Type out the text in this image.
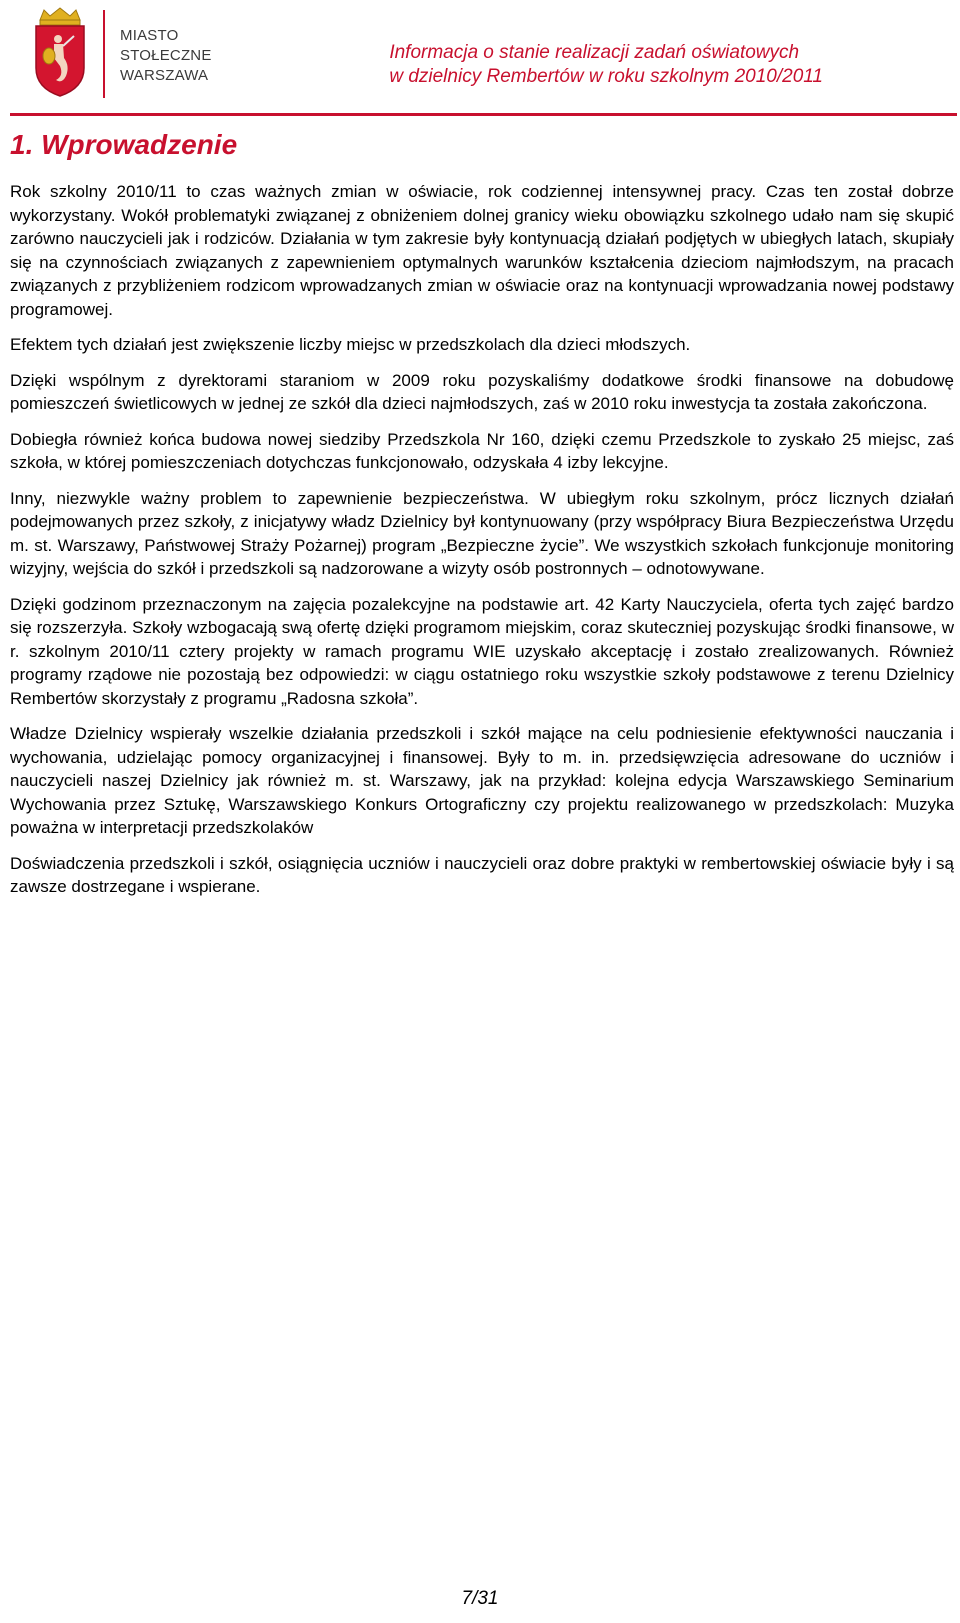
MIASTO
STOŁECZNE
WARSZAWA
Informacja o stanie realizacji zadań oświatowych
w dzielnicy Rembertów w roku szkolnym 2010/2011
1. Wprowadzenie

Rok szkolny 2010/11 to czas ważnych zmian w oświacie, rok codziennej intensywnej pracy. Czas ten został dobrze wykorzystany. Wokół problematyki związanej z obniżeniem dolnej granicy wieku obowiązku szkolnego udało nam się skupić zarówno nauczycieli jak i rodziców. Działania w tym zakresie były kontynuacją działań podjętych w ubiegłych latach, skupiały się na czynnościach związanych z zapewnieniem optymalnych warunków kształcenia dzieciom najmłodszym, na pracach związanych z przybliżeniem rodzicom wprowadzanych zmian w oświacie oraz na kontynuacji wprowadzania nowej podstawy programowej.

Efektem tych działań jest zwiększenie liczby miejsc w przedszkolach dla dzieci młodszych.

Dzięki wspólnym z dyrektorami staraniom w 2009 roku pozyskaliśmy dodatkowe środki finansowe na dobudowę pomieszczeń świetlicowych w jednej ze szkół dla dzieci najmłodszych, zaś w 2010 roku inwestycja ta została zakończona.

Dobiegła również końca budowa nowej siedziby Przedszkola Nr 160, dzięki czemu Przedszkole to zyskało 25 miejsc, zaś szkoła, w której pomieszczeniach dotychczas funkcjonowało, odzyskała 4 izby lekcyjne.

Inny, niezwykle ważny problem to zapewnienie bezpieczeństwa. W ubiegłym roku szkolnym, prócz licznych działań podejmowanych przez szkoły, z inicjatywy władz Dzielnicy był kontynuowany (przy współpracy Biura Bezpieczeństwa Urzędu m. st. Warszawy, Państwowej Straży Pożarnej) program „Bezpieczne życie”. We wszystkich szkołach funkcjonuje monitoring wizyjny, wejścia do szkół i przedszkoli są nadzorowane a wizyty osób postronnych – odnotowywane.

Dzięki godzinom przeznaczonym na zajęcia pozalekcyjne na podstawie art. 42 Karty Nauczyciela, oferta tych zajęć bardzo się rozszerzyła. Szkoły wzbogacają swą ofertę dzięki programom miejskim, coraz skuteczniej pozyskując środki finansowe, w r. szkolnym 2010/11 cztery projekty w ramach programu WIE uzyskało akceptację i zostało zrealizowanych. Również programy rządowe nie pozostają bez odpowiedzi: w ciągu ostatniego roku wszystkie szkoły podstawowe z terenu Dzielnicy Rembertów skorzystały z programu „Radosna szkoła”.

Władze Dzielnicy wspierały wszelkie działania przedszkoli i szkół mające na celu podniesienie efektywności nauczania i wychowania, udzielając pomocy organizacyjnej i finansowej. Były to m. in. przedsięwzięcia adresowane do uczniów i nauczycieli naszej Dzielnicy jak również m. st. Warszawy, jak na przykład: kolejna edycja Warszawskiego Seminarium Wychowania przez Sztukę, Warszawskiego Konkurs Ortograficzny czy projektu realizowanego w przedszkolach: Muzyka poważna w interpretacji przedszkolaków

Doświadczenia przedszkoli i szkół, osiągnięcia uczniów i nauczycieli oraz dobre praktyki w rembertowskiej oświacie były i są zawsze dostrzegane i wspierane.

7/31
